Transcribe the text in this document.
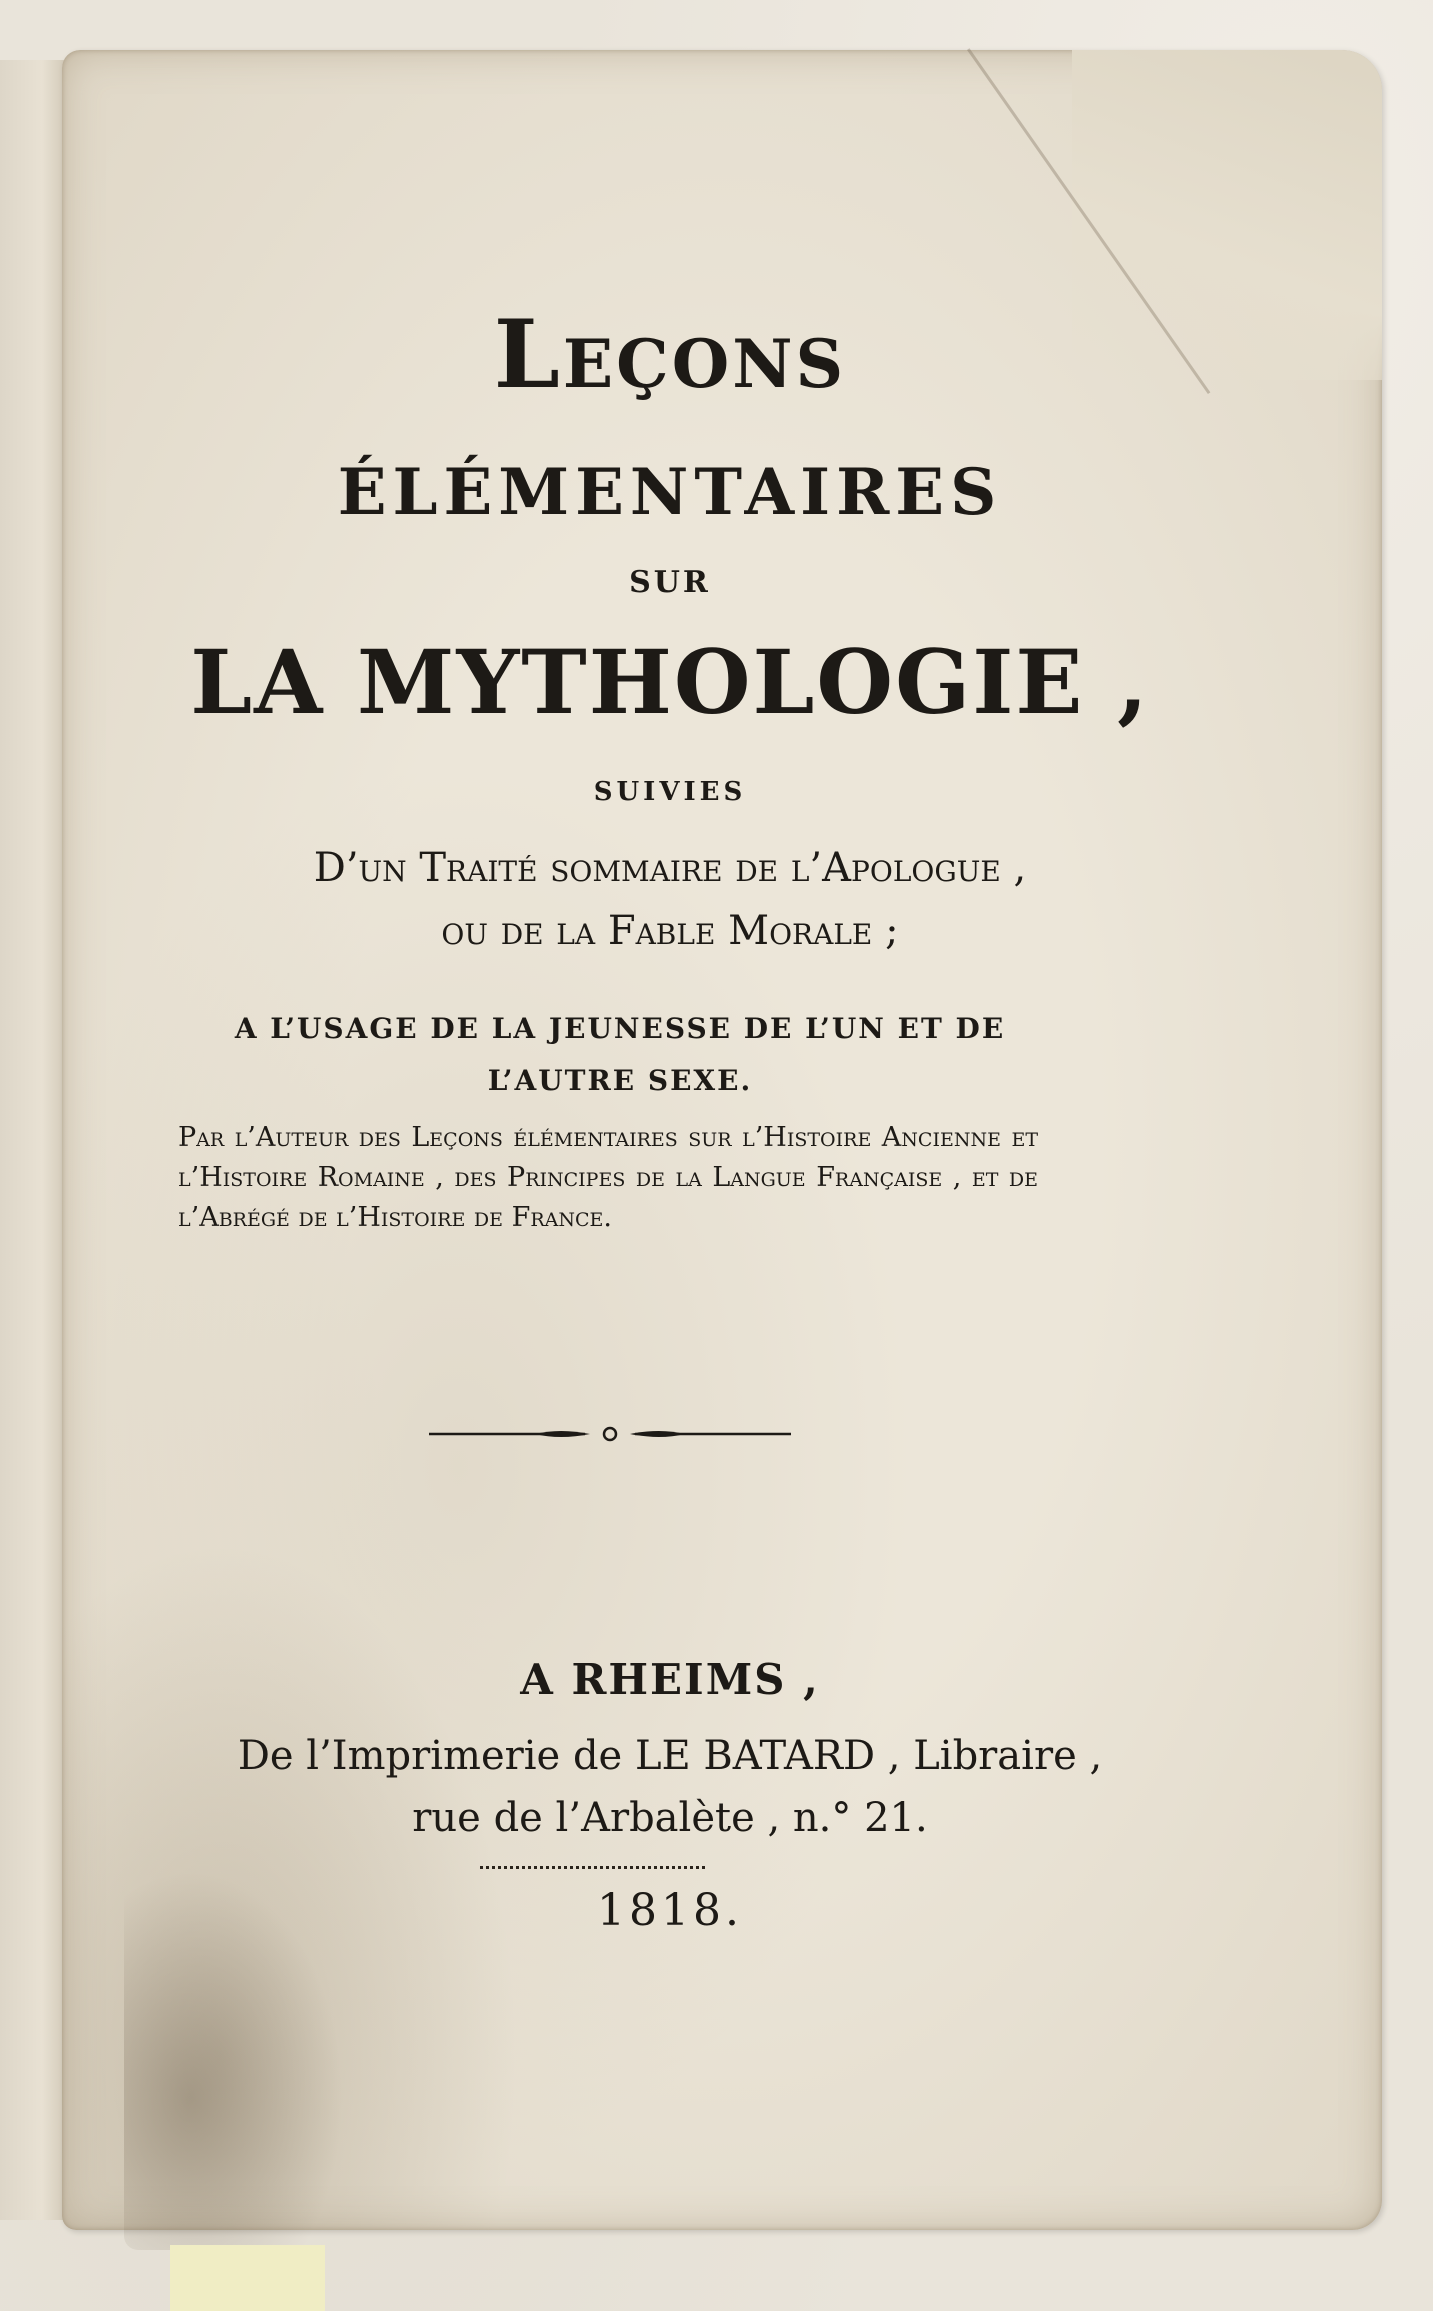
Leçons
ÉLÉMENTAIRES

SUR

LA MYTHOLOGIE ,

SUIVIES

D’un Traité sommaire de l’Apologue ,

ou de la Fable Morale ;

A L’USAGE DE LA JEUNESSE DE L’UN ET DE L’AUTRE SEXE.

Par l’Auteur des Leçons élémentaires sur l’Histoire Ancienne et l’Histoire Romaine , des Principes de la Langue Française , et de l’Abrégé de l’Histoire de France.

A RHEIMS ,

De l’Imprimerie de LE BATARD , Libraire ,

rue de l’Arbalète , n.° 21.

1818.
